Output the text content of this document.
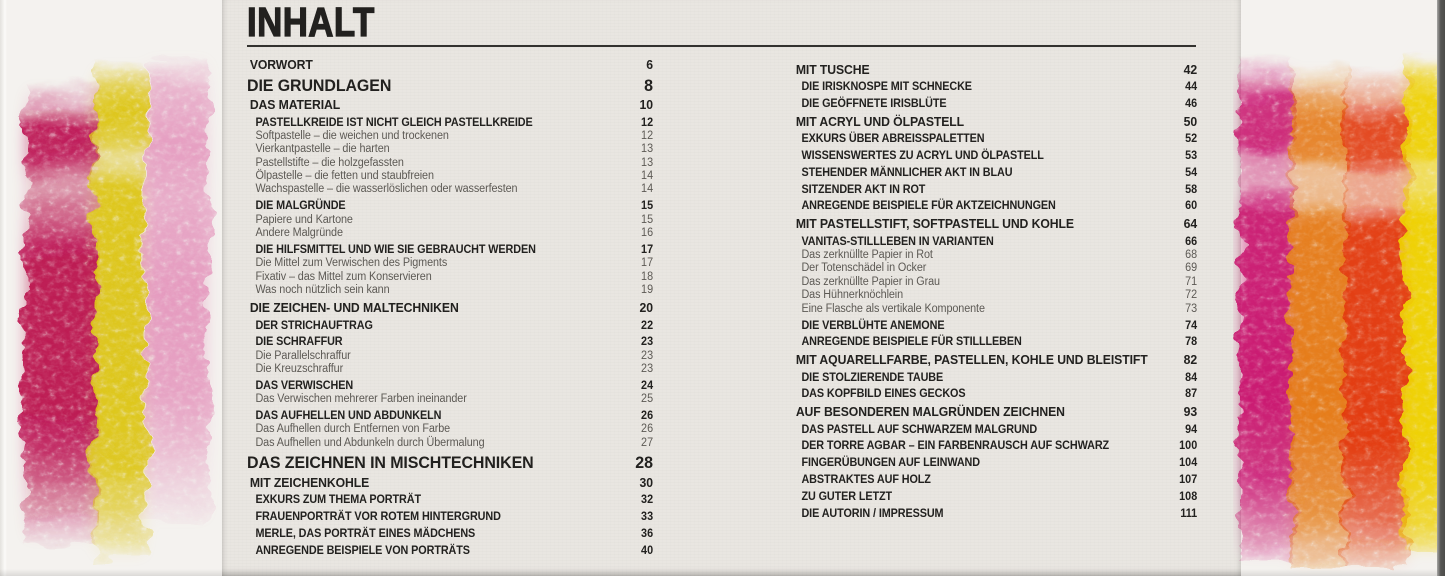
INHALT
VORWORT	6
DIE GRUNDLAGEN	8
DAS MATERIAL	10
PASTELLKREIDE IST NICHT GLEICH PASTELLKREIDE	12
Softpastelle – die weichen und trockenen	12
Vierkantpastelle – die harten	13
Pastellstifte – die holzgefassten	13
Ölpastelle – die fetten und staubfreien	14
Wachspastelle – die wasserlöslichen oder wasserfesten	14
DIE MALGRÜNDE	15
Papiere und Kartone	15
Andere Malgründe	16
DIE HILFSMITTEL UND WIE SIE GEBRAUCHT WERDEN	17
Die Mittel zum Verwischen des Pigments	17
Fixativ – das Mittel zum Konservieren	18
Was noch nützlich sein kann	19
DIE ZEICHEN- UND MALTECHNIKEN	20
DER STRICHAUFTRAG	22
DIE SCHRAFFUR	23
Die Parallelschraffur	23
Die Kreuzschraffur	23
DAS VERWISCHEN	24
Das Verwischen mehrerer Farben ineinander	25
DAS AUFHELLEN UND ABDUNKELN	26
Das Aufhellen durch Entfernen von Farbe	26
Das Aufhellen und Abdunkeln durch Übermalung	27
DAS ZEICHNEN IN MISCHTECHNIKEN	28
MIT ZEICHENKOHLE	30
EXKURS ZUM THEMA PORTRÄT	32
FRAUENPORTRÄT VOR ROTEM HINTERGRUND	33
MERLE, DAS PORTRÄT EINES MÄDCHENS	36
ANREGENDE BEISPIELE VON PORTRÄTS	40
MIT TUSCHE	42
DIE IRISKNOSPE MIT SCHNECKE	44
DIE GEÖFFNETE IRISBLÜTE	46
MIT ACRYL UND ÖLPASTELL	50
EXKURS ÜBER ABREISSPALETTEN	52
WISSENSWERTES ZU ACRYL UND ÖLPASTELL	53
STEHENDER MÄNNLICHER AKT IN BLAU	54
SITZENDER AKT IN ROT	58
ANREGENDE BEISPIELE FÜR AKTZEICHNUNGEN	60
MIT PASTELLSTIFT, SOFTPASTELL UND KOHLE	64
VANITAS-STILLLEBEN IN VARIANTEN	66
Das zerknüllte Papier in Rot	68
Der Totenschädel in Ocker	69
Das zerknüllte Papier in Grau	71
Das Hühnerknöchlein	72
Eine Flasche als vertikale Komponente	73
DIE VERBLÜHTE ANEMONE	74
ANREGENDE BEISPIELE FÜR STILLLEBEN	78
MIT AQUARELLFARBE, PASTELLEN, KOHLE UND BLEISTIFT	82
DIE STOLZIERENDE TAUBE	84
DAS KOPFBILD EINES GECKOS	87
AUF BESONDEREN MALGRÜNDEN ZEICHNEN	93
DAS PASTELL AUF SCHWARZEM MALGRUND	94
DER TORRE AGBAR – EIN FARBENRAUSCH AUF SCHWARZ	100
FINGERÜBUNGEN AUF LEINWAND	104
ABSTRAKTES AUF HOLZ	107
ZU GUTER LETZT	108
DIE AUTORIN / IMPRESSUM	111
